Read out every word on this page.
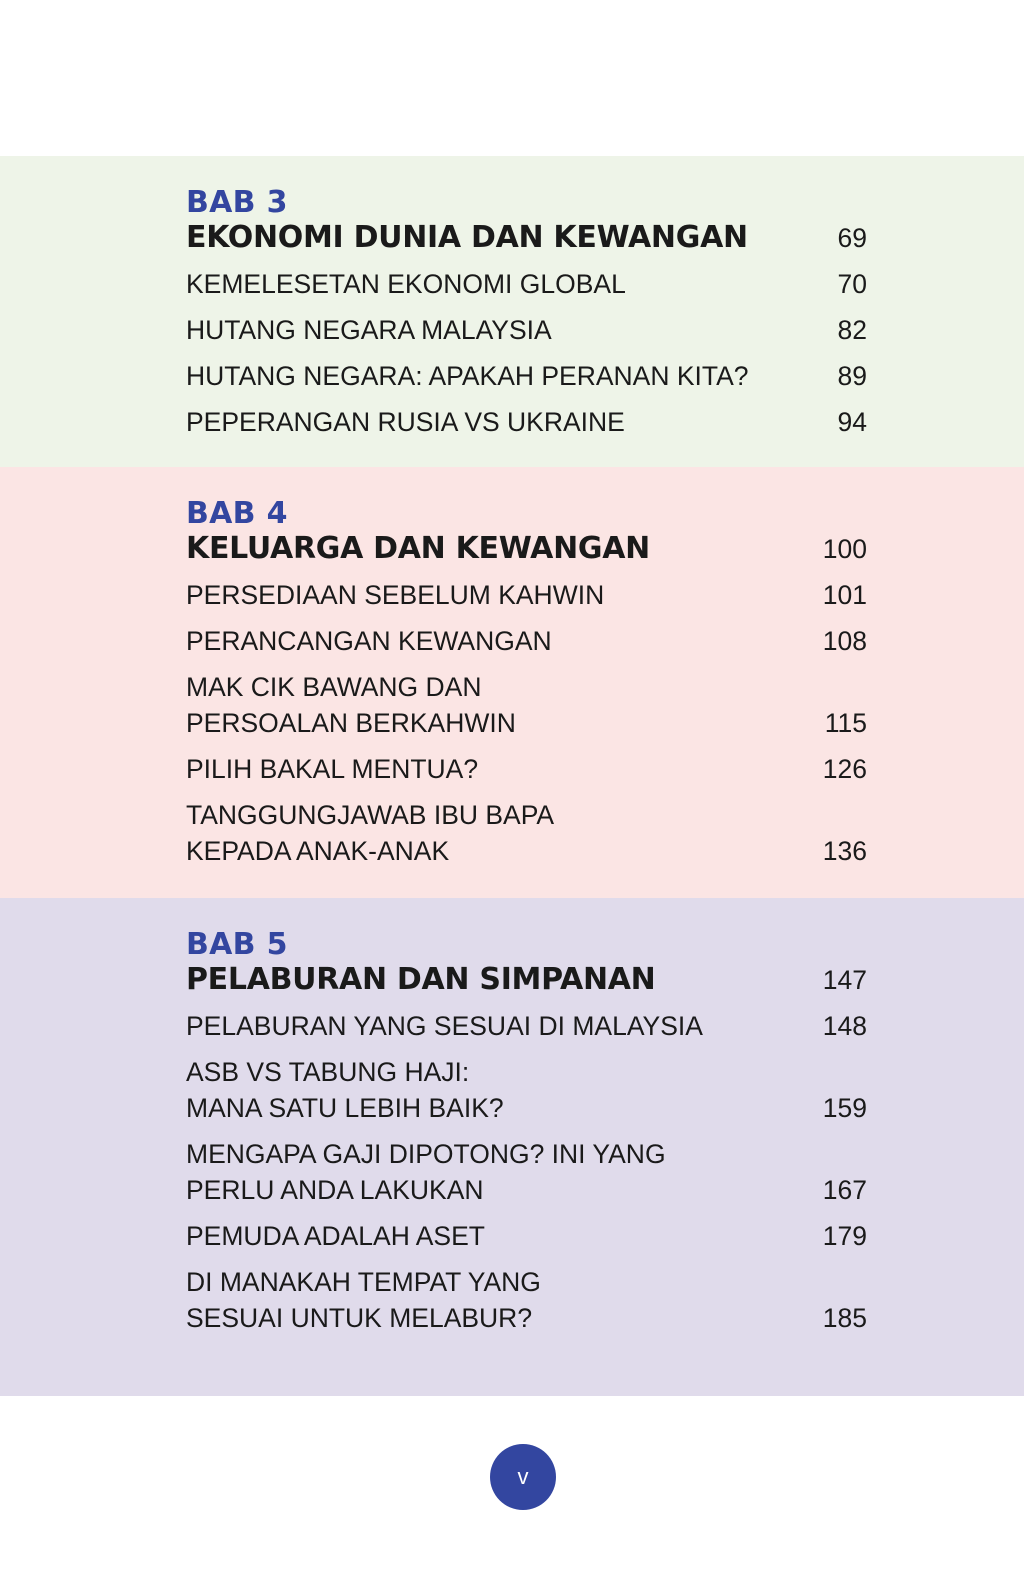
BAB 3
EKONOMI DUNIA DAN KEWANGAN	69
KEMELESETAN EKONOMI GLOBAL	70
HUTANG NEGARA MALAYSIA	82
HUTANG NEGARA: APAKAH PERANAN KITA?	89
PEPERANGAN RUSIA VS UKRAINE	94
BAB 4
KELUARGA DAN KEWANGAN	100
PERSEDIAAN SEBELUM KAHWIN	101
PERANCANGAN KEWANGAN	108
MAK CIK BAWANG DAN
PERSOALAN BERKAHWIN	115
PILIH BAKAL MENTUA?	126
TANGGUNGJAWAB IBU BAPA
KEPADA ANAK-ANAK	136
BAB 5
PELABURAN DAN SIMPANAN	147
PELABURAN YANG SESUAI DI MALAYSIA	148
ASB VS TABUNG HAJI:
MANA SATU LEBIH BAIK?	159
MENGAPA GAJI DIPOTONG? INI YANG
PERLU ANDA LAKUKAN	167
PEMUDA ADALAH ASET	179
DI MANAKAH TEMPAT YANG
SESUAI UNTUK MELABUR?	185
v
